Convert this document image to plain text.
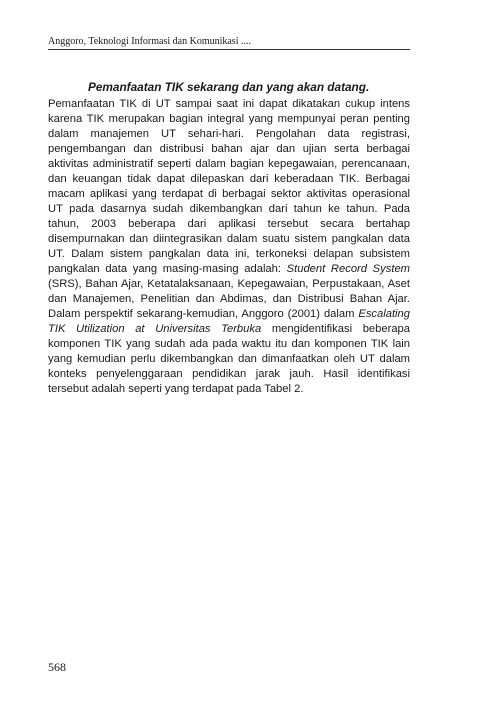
Anggoro, Teknologi Informasi dan Komunikasi ....

Pemanfaatan TIK sekarang dan yang akan datang.

Pemanfaatan TIK di UT sampai saat ini dapat dikatakan cukup intens karena TIK merupakan bagian integral yang mempunyai peran penting dalam manajemen UT sehari-hari. Pengolahan data registrasi, pengembangan dan distribusi bahan ajar dan ujian serta berbagai aktivitas administratif seperti dalam bagian kepegawaian, perencanaan, dan keuangan tidak dapat dilepaskan dari keberadaan TIK. Berbagai macam aplikasi yang terdapat di berbagai sektor aktivitas operasional UT pada dasarnya sudah dikembangkan dari tahun ke tahun. Pada tahun, 2003 beberapa dari aplikasi tersebut secara bertahap disempurnakan dan diintegrasikan dalam suatu sistem pangkalan data UT. Dalam sistem pangkalan data ini, terkoneksi delapan subsistem pangkalan data yang masing-masing adalah: Student Record System (SRS), Bahan Ajar, Ketatalaksanaan, Kepegawaian, Perpustakaan, Aset dan Manajemen, Penelitian dan Abdimas, dan Distribusi Bahan Ajar. Dalam perspektif sekarang-kemudian, Anggoro (2001) dalam Escalating TIK Utilization at Universitas Terbuka mengidentifikasi beberapa komponen TIK yang sudah ada pada waktu itu dan komponen TIK lain yang kemudian perlu dikembangkan dan dimanfaatkan oleh UT dalam konteks penyelenggaraan pendidikan jarak jauh. Hasil identifikasi tersebut adalah seperti yang terdapat pada Tabel 2.

568
